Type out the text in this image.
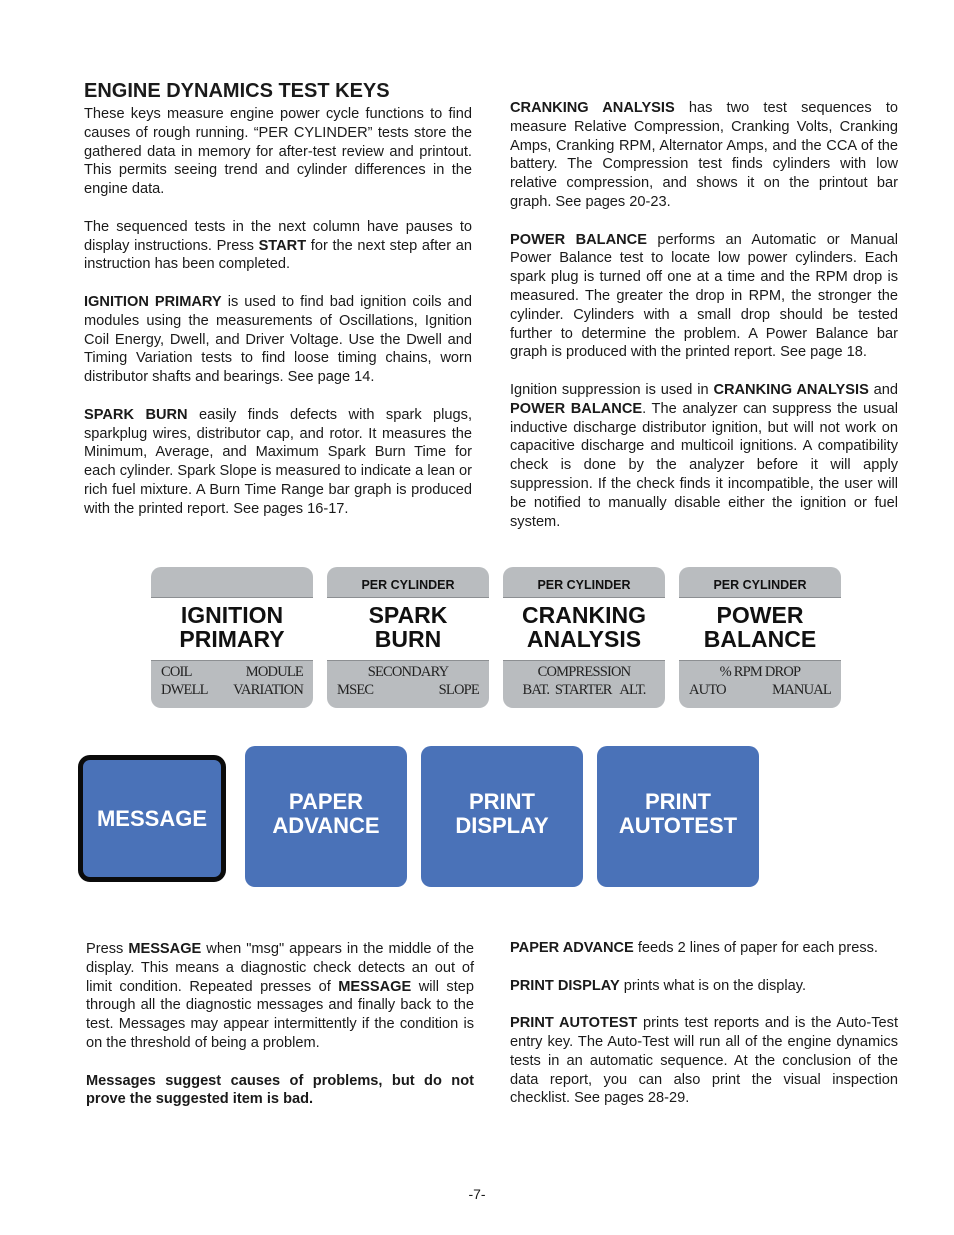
ENGINE DYNAMICS TEST KEYS

These keys measure engine power cycle functions to find causes of rough running. “PER CYLINDER” tests store the gathered data in memory for after-test review and printout. This permits seeing trend and cylinder differences in the engine data.

The sequenced tests in the next column have pauses to display instructions. Press START for the next step after an instruction has been completed.

IGNITION PRIMARY is used to find bad ignition coils and modules using the measurements of Oscillations, Ignition Coil Energy, Dwell, and Driver Voltage. Use the Dwell and Timing Variation tests to find loose timing chains, worn distributor shafts and bearings. See page 14.

SPARK BURN easily finds defects with spark plugs, sparkplug wires, distributor cap, and rotor. It measures the Minimum, Average, and Maximum Spark Burn Time for each cylinder. Spark Slope is measured to indicate a lean or rich fuel mixture. A Burn Time Range bar graph is produced with the printed report. See pages 16-17.

CRANKING ANALYSIS has two test sequences to measure Relative Compression, Cranking Volts, Cranking Amps, Cranking RPM, Alternator Amps, and the CCA of the battery. The Compression test finds cylinders with low relative compression, and shows it on the printout bar graph. See pages 20-23.

POWER BALANCE performs an Automatic or Manual Power Balance test to locate low power cylinders. Each spark plug is turned off one at a time and the RPM drop is measured. The greater the drop in RPM, the stronger the cylinder. Cylinders with a small drop should be tested further to determine the problem. A Power Balance bar graph is produced with the printed report. See page 18.

Ignition suppression is used in CRANKING ANALYSIS and POWER BALANCE. The analyzer can suppress the usual inductive discharge distributor ignition, but will not work on capacitive discharge and multicoil ignitions. A compatibility check is done by the analyzer before it will apply suppression. If the check finds it incompatible, the user will be notified to manually disable either the ignition or fuel system.

IGNITION
PRIMARY
COIL	MODULE
DWELL VARIATION
PER CYLINDER
SPARK
BURN
SECONDARY
MSEC	SLOPE
PER CYLINDER
CRANKING
ANALYSIS
COMPRESSION
BAT.  STARTER   ALT.
PER CYLINDER
POWER
BALANCE
% RPM DROP
AUTO	MANUAL
MESSAGE
PAPER
ADVANCE
PRINT
DISPLAY
PRINT
AUTOTEST

Press MESSAGE when "msg" appears in the middle of the display. This means a diagnostic check detects an out of limit condition. Repeated presses of MESSAGE will step through all the diagnostic messages and finally back to the test. Messages may appear intermittently if the condition is on the threshold of being a problem.

Messages suggest causes of problems, but do not prove the suggested item is bad.

PAPER ADVANCE feeds 2 lines of paper for each press.

PRINT DISPLAY prints what is on the display.

PRINT AUTOTEST prints test reports and is the Auto-Test entry key. The Auto-Test will run all of the engine dynamics tests in an automatic sequence. At the conclusion of the data report, you can also print the visual inspection checklist. See pages 28-29.

-7-
